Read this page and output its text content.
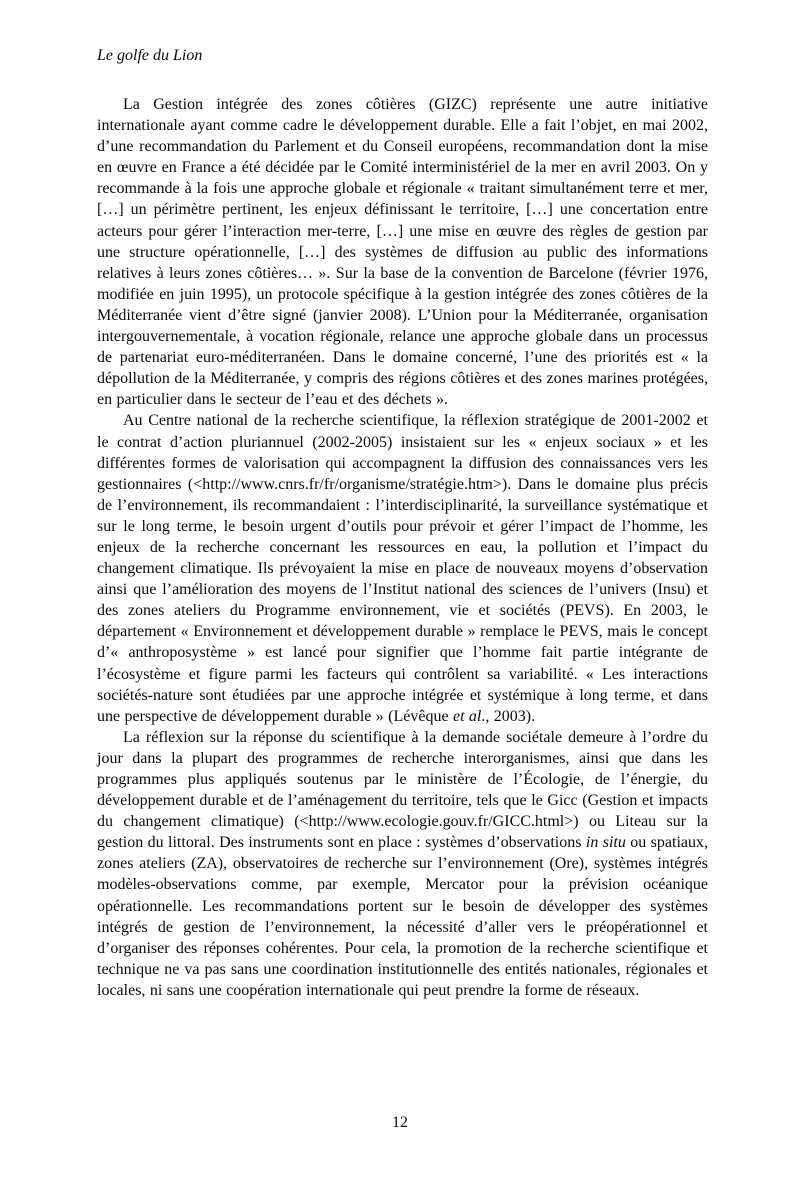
Le golfe du Lion

La Gestion intégrée des zones côtières (GIZC) représente une autre initiative internationale ayant comme cadre le développement durable. Elle a fait l’objet, en mai 2002, d’une recommandation du Parlement et du Conseil européens, recommandation dont la mise en œuvre en France a été décidée par le Comité interministériel de la mer en avril 2003. On y recommande à la fois une approche globale et régionale « traitant simultanément terre et mer, […] un périmètre pertinent, les enjeux définissant le territoire, […] une concertation entre acteurs pour gérer l’interaction mer-terre, […] une mise en œuvre des règles de gestion par une structure opérationnelle, […] des systèmes de diffusion au public des informations relatives à leurs zones côtières… ». Sur la base de la convention de Barcelone (février 1976, modifiée en juin 1995), un protocole spécifique à la gestion intégrée des zones côtières de la Méditerranée vient d’être signé (janvier 2008). L’Union pour la Méditerranée, organisation intergouvernementale, à vocation régionale, relance une approche globale dans un processus de partenariat euro-méditerranéen. Dans le domaine concerné, l’une des priorités est « la dépollution de la Méditerranée, y compris des régions côtières et des zones marines protégées, en particulier dans le secteur de l’eau et des déchets ».

Au Centre national de la recherche scientifique, la réflexion stratégique de 2001-2002 et le contrat d’action pluriannuel (2002-2005) insistaient sur les « enjeux sociaux » et les différentes formes de valorisation qui accompagnent la diffusion des connaissances vers les gestionnaires (<http://www.cnrs.fr/fr/organisme/stratégie.htm>). Dans le domaine plus précis de l’environnement, ils recommandaient : l’interdisciplinarité, la surveillance systématique et sur le long terme, le besoin urgent d’outils pour prévoir et gérer l’impact de l’homme, les enjeux de la recherche concernant les ressources en eau, la pollution et l’impact du changement climatique. Ils prévoyaient la mise en place de nouveaux moyens d’observation ainsi que l’amélioration des moyens de l’Institut national des sciences de l’univers (Insu) et des zones ateliers du Programme environnement, vie et sociétés (PEVS). En 2003, le département « Environnement et développement durable » remplace le PEVS, mais le concept d’« anthroposystème » est lancé pour signifier que l’homme fait partie intégrante de l’écosystème et figure parmi les facteurs qui contrôlent sa variabilité. « Les interactions sociétés-nature sont étudiées par une approche intégrée et systémique à long terme, et dans une perspective de développement durable » (Lévêque et al., 2003).

La réflexion sur la réponse du scientifique à la demande sociétale demeure à l’ordre du jour dans la plupart des programmes de recherche interorganismes, ainsi que dans les programmes plus appliqués soutenus par le ministère de l’Écologie, de l’énergie, du développement durable et de l’aménagement du territoire, tels que le Gicc (Gestion et impacts du changement climatique) (<http://www.ecologie.gouv.fr/GICC.html>) ou Liteau sur la gestion du littoral. Des instruments sont en place : systèmes d’observations in situ ou spatiaux, zones ateliers (ZA), observatoires de recherche sur l’environnement (Ore), systèmes intégrés modèles-observations comme, par exemple, Mercator pour la prévision océanique opérationnelle. Les recommandations portent sur le besoin de développer des systèmes intégrés de gestion de l’environnement, la nécessité d’aller vers le préopérationnel et d’organiser des réponses cohérentes. Pour cela, la promotion de la recherche scientifique et technique ne va pas sans une coordination institutionnelle des entités nationales, régionales et locales, ni sans une coopération internationale qui peut prendre la forme de réseaux.

12
